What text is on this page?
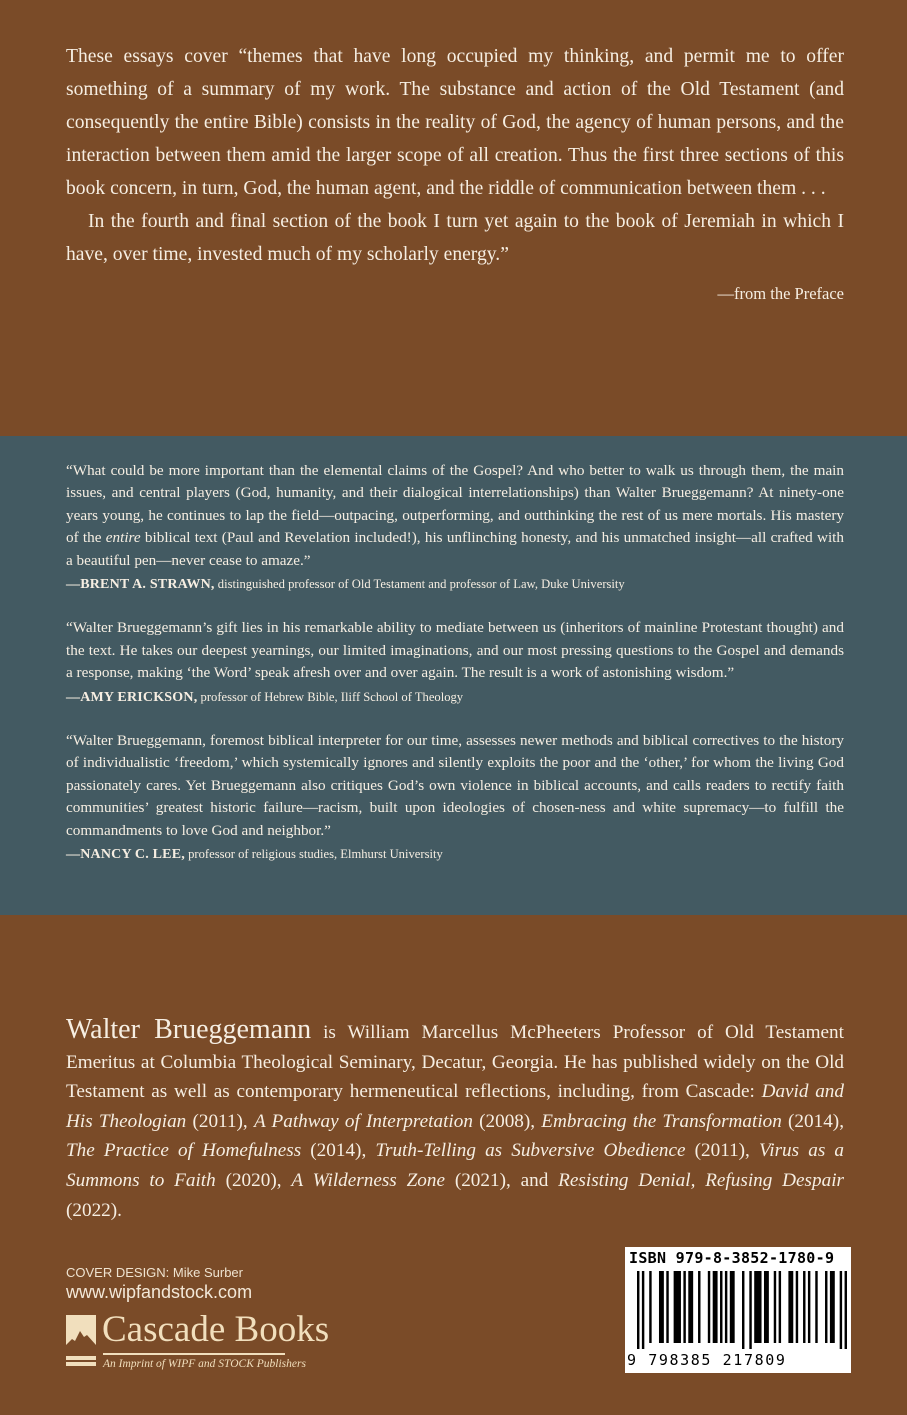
These essays cover “themes that have long occupied my thinking, and permit me to offer something of a summary of my work. The substance and action of the Old Testament (and consequently the entire Bible) consists in the reality of God, the agency of human persons, and the interaction between them amid the larger scope of all creation. Thus the first three sections of this book concern, in turn, God, the human agent, and the riddle of communication between them . . .

In the fourth and final section of the book I turn yet again to the book of Jeremiah in which I have, over time, invested much of my scholarly energy.”

—from the Preface

“What could be more important than the elemental claims of the Gospel? And who better to walk us through them, the main issues, and central players (God, humanity, and their dialogical interrelationships) than Walter Brueggemann? At ninety-one years young, he continues to lap the field—outpacing, outperforming, and outthinking the rest of us mere mortals. His mastery of the entire biblical text (Paul and Revelation included!), his unflinching honesty, and his unmatched insight—all crafted with a beautiful pen—never cease to amaze.”

—BRENT A. STRAWN, distinguished professor of Old Testament and professor of Law, Duke University

“Walter Brueggemann’s gift lies in his remarkable ability to mediate between us (inheritors of mainline Protestant thought) and the text. He takes our deepest yearnings, our limited imaginations, and our most pressing questions to the Gospel and demands a response, making ‘the Word’ speak afresh over and over again. The result is a work of astonishing wisdom.”

—AMY ERICKSON, professor of Hebrew Bible, Iliff School of Theology

“Walter Brueggemann, foremost biblical interpreter for our time, assesses newer methods and biblical correctives to the history of individualistic ‘freedom,’ which systemically ignores and silently exploits the poor and the ‘other,’ for whom the living God passionately cares. Yet Brueggemann also critiques God’s own violence in biblical accounts, and calls readers to rectify faith communities’ greatest historic failure—racism, built upon ideologies of chosen-ness and white supremacy—to fulfill the commandments to love God and neighbor.”

—NANCY C. LEE, professor of religious studies, Elmhurst University

Walter Brueggemann is William Marcellus McPheeters Professor of Old Testament Emeritus at Columbia Theological Seminary, Decatur, Georgia. He has published widely on the Old Testament as well as contemporary hermeneutical reflections, including, from Cascade: David and His Theologian (2011), A Pathway of Interpretation (2008), Embracing the Transformation (2014), The Practice of Homefulness (2014), Truth-Telling as Subversive Obedience (2011), Virus as a Summons to Faith (2020), A Wilderness Zone (2021), and Resisting Denial, Refusing Despair (2022).
COVER DESIGN: Mike Surber
www.wipfandstock.com
Cascade Books
An Imprint of WIPF and STOCK Publishers
ISBN 979-8-3852-1780-9
9 798385 217809
